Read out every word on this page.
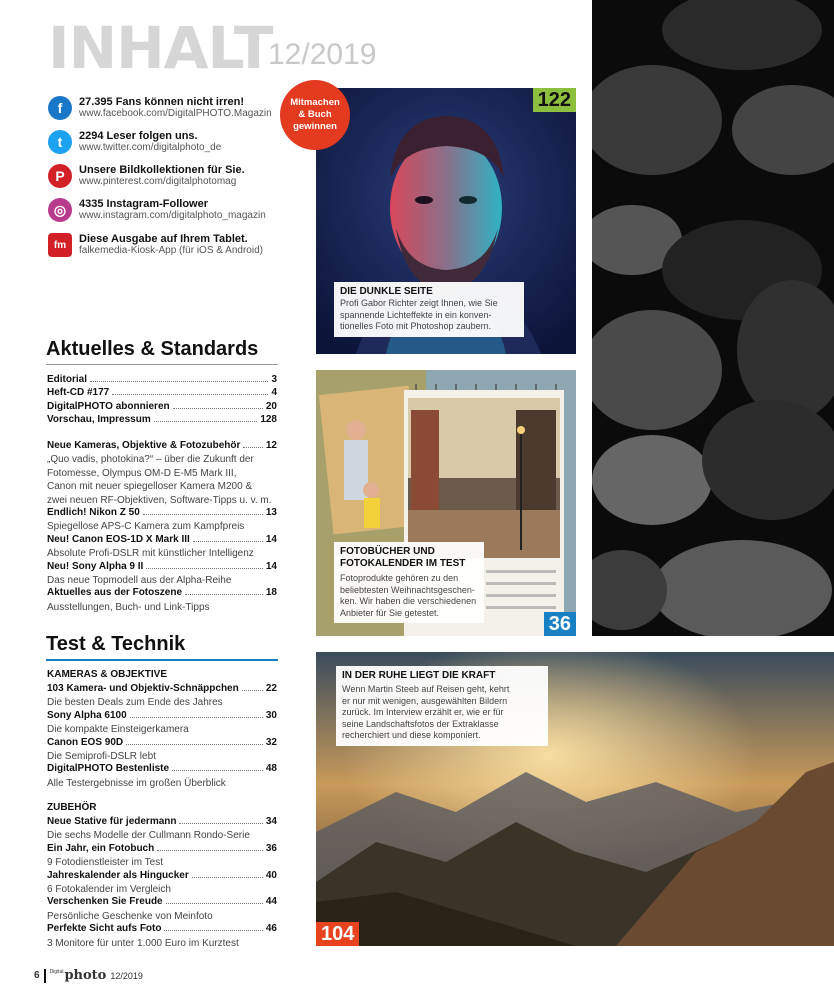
INHALT
12/2019
f	27.395 Fans können nicht irren!
www.facebook.com/DigitalPHOTO.Magazin
t	2294 Leser folgen uns.
www.twitter.com/digitalphoto_de
P	Unsere Bildkollektionen für Sie.
www.pinterest.com/digitalphotomag
◎	4335 Instagram-Follower
www.instagram.com/digitalphoto_magazin
fm	Diese Ausgabe auf Ihrem Tablet.
falkemedia-Kiosk-App (für iOS & Android)
Aktuelles & Standards
Editorial	3
Heft-CD #177	4
DigitalPHOTO abonnieren	20
Vorschau, Impressum	128
Neue Kameras, Objektive & Fotozubehör	12
„Quo vadis, photokina?“ – über die Zukunft der
Fotomesse, Olympus OM-D E-M5 Mark III,
Canon mit neuer spiegelloser Kamera M200 &
zwei neuen RF-Objektiven, Software-Tipps u. v. m.
Endlich! Nikon Z 50	13
Spiegellose APS-C Kamera zum Kampfpreis
Neu! Canon EOS-1D X Mark III	14
Absolute Profi-DSLR mit künstlicher Intelligenz
Neu! Sony Alpha 9 II	14
Das neue Topmodell aus der Alpha-Reihe
Aktuelles aus der Fotoszene	18
Ausstellungen, Buch- und Link-Tipps
Test & Technik
KAMERAS & OBJEKTIVE
103 Kamera- und Objektiv-Schnäppchen	22
Die besten Deals zum Ende des Jahres
Sony Alpha 6100	30
Die kompakte Einsteigerkamera
Canon EOS 90D	32
Die Semiprofi-DSLR lebt
DigitalPHOTO Bestenliste	48
Alle Testergebnisse im großen Überblick
ZUBEHÖR
Neue Stative für jedermann	34
Die sechs Modelle der Cullmann Rondo-Serie
Ein Jahr, ein Fotobuch	36
9 Fotodienstleister im Test
Jahreskalender als Hingucker	40
6 Fotokalender im Vergleich
Verschenken Sie Freude	44
Persönliche Geschenke von Meinfoto
Perfekte Sicht aufs Foto	46
3 Monitore für unter 1.000 Euro im Kurztest
122
DIE DUNKLE SEITE
Profi Gabor Richter zeigt Ihnen, wie Sie
spannende Lichteffekte in ein konven-
tionelles Foto mit Photoshop zaubern.
Mitmachen
& Buch
gewinnen
FOTOBÜCHER UND
FOTOKALENDER IM TEST
Fotoprodukte gehören zu den
beliebtesten Weihnachtsgeschen-
ken. Wir haben die verschiedenen
Anbieter für Sie getestet.
36
IN DER RUHE LIEGT DIE KRAFT
Wenn Martin Steeb auf Reisen geht, kehrt
er nur mit wenigen, ausgewählten Bildern
zurück. Im Interview erzählt er, wie er für
seine Landschaftsfotos der Extraklasse
recherchiert und diese komponiert.
104
6 Digital photo 12/2019
